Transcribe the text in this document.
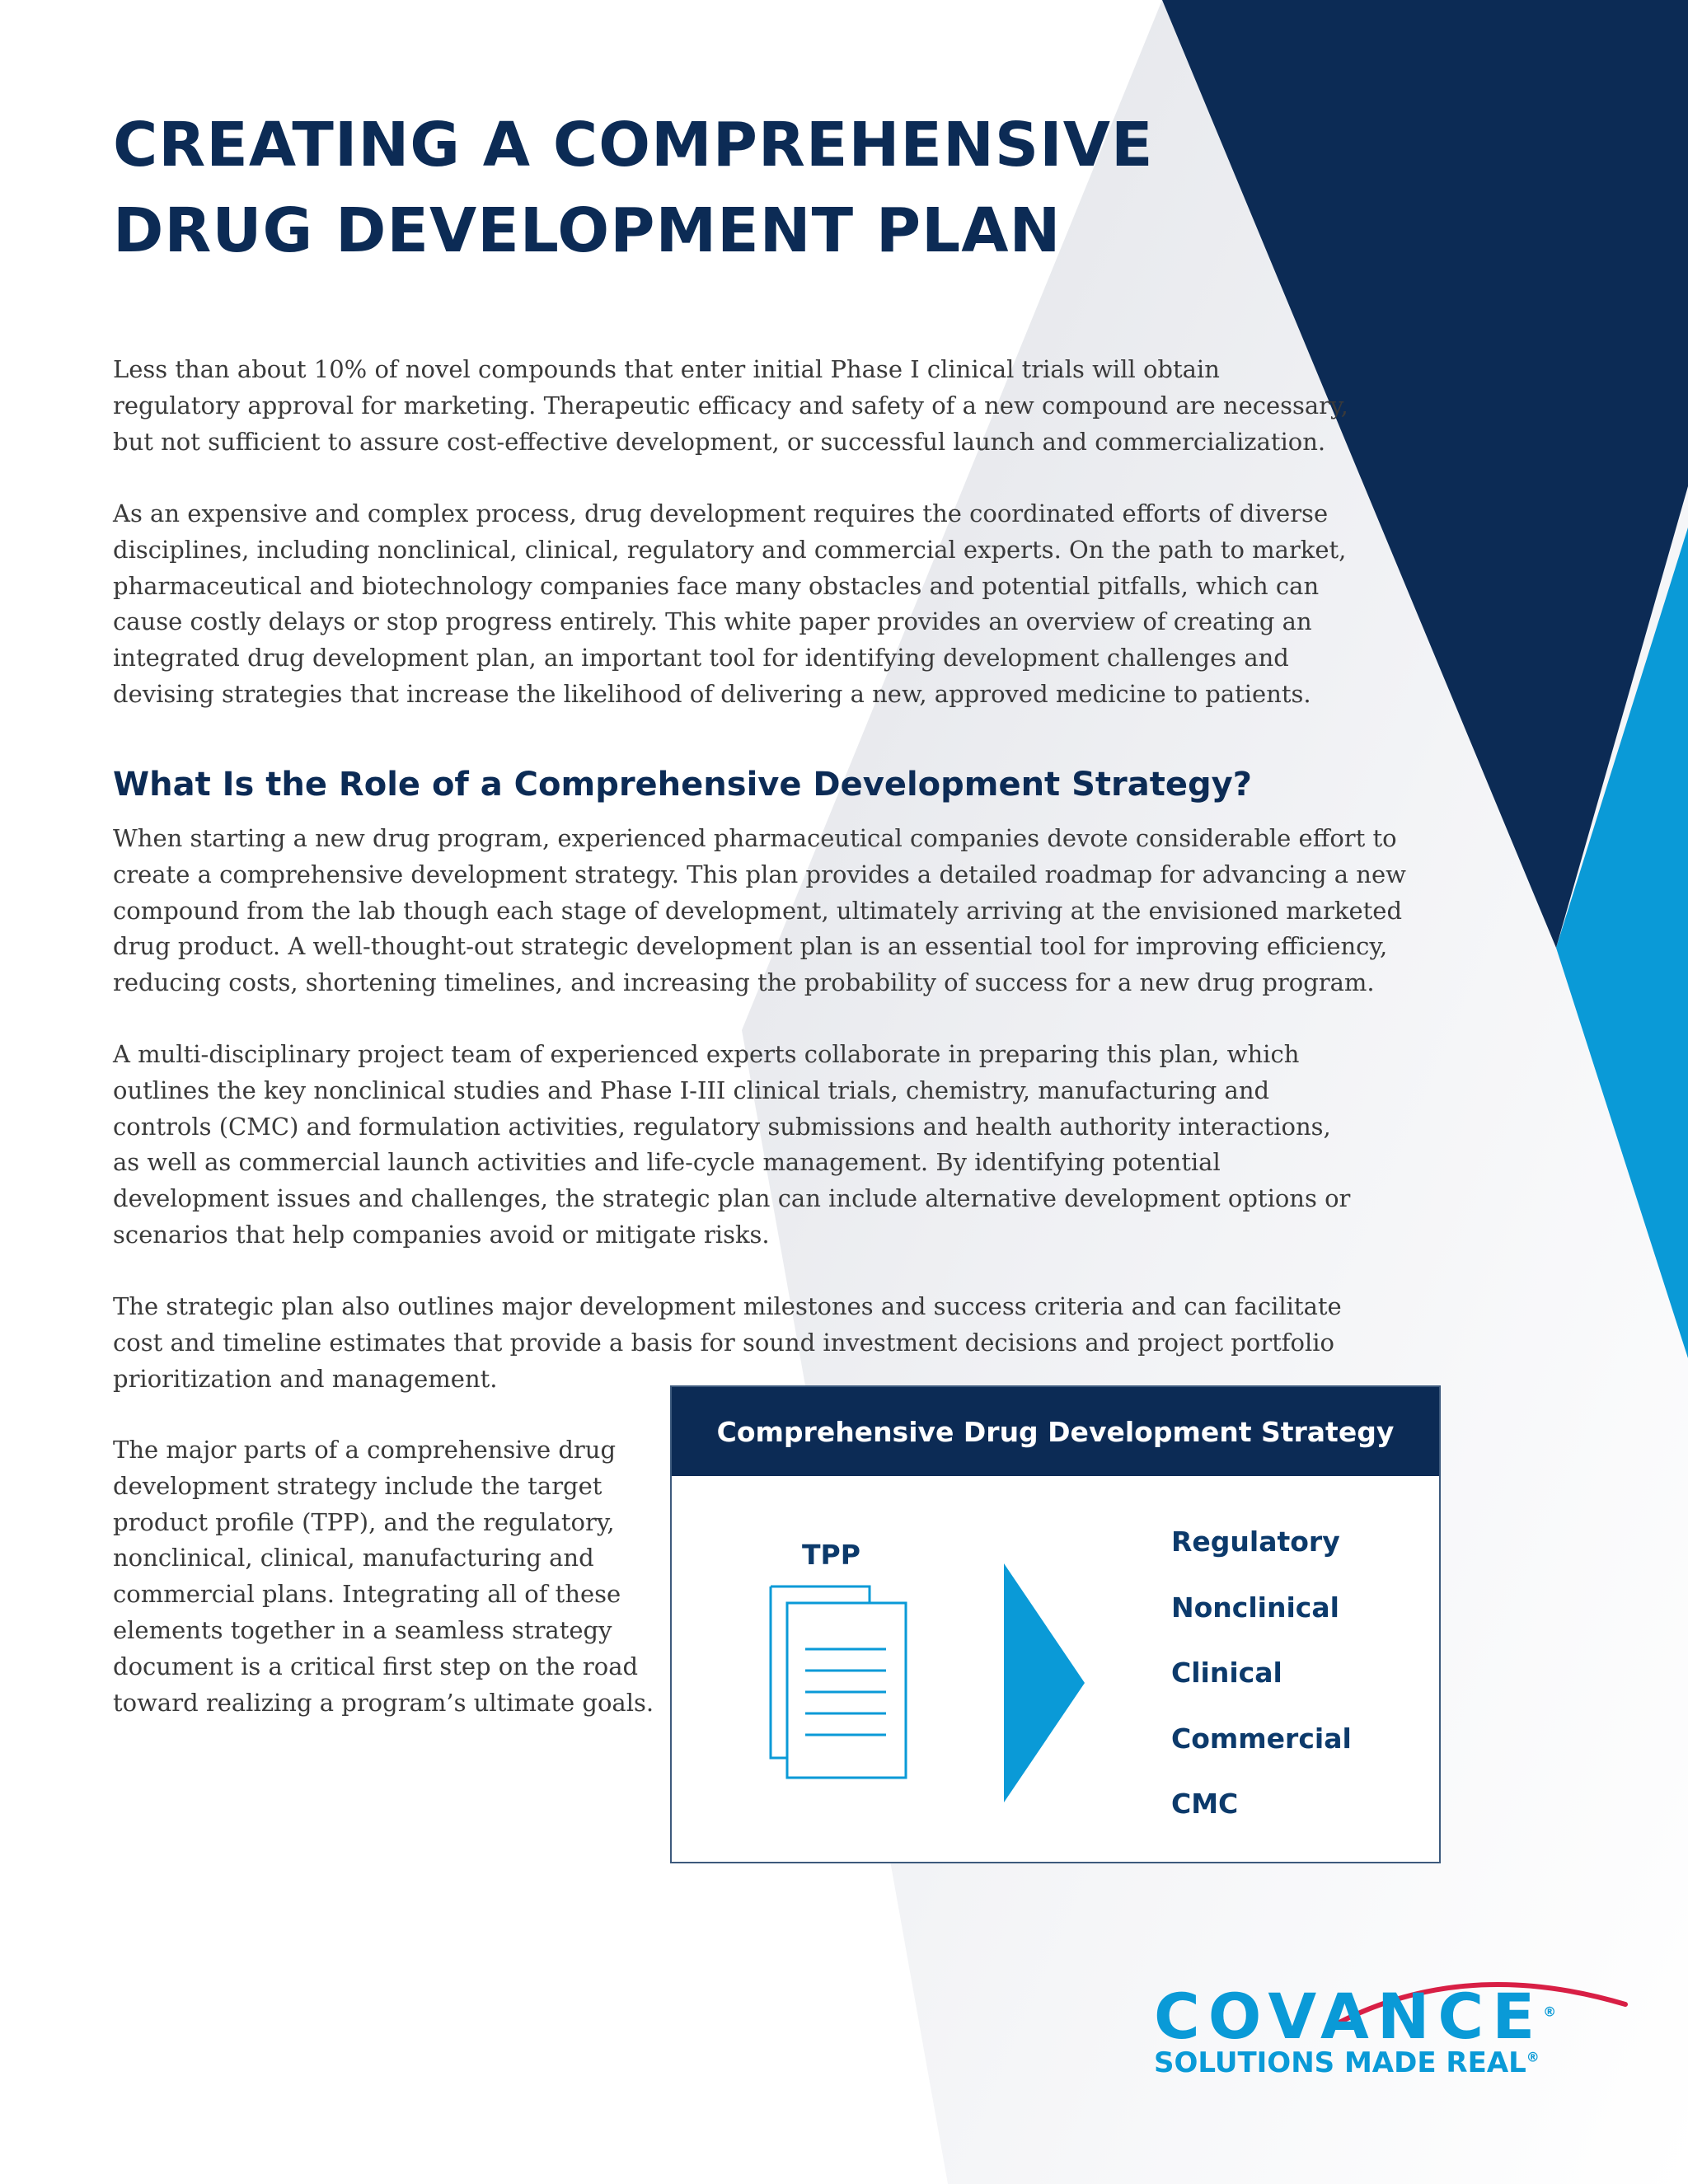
CREATING A COMPREHENSIVE
DRUG DEVELOPMENT PLAN

Less than about 10% of novel compounds that enter initial Phase I clinical trials will obtain
regulatory approval for marketing. Therapeutic efficacy and safety of a new compound are necessary,
but not sufficient to assure cost-effective development, or successful launch and commercialization.

As an expensive and complex process, drug development requires the coordinated efforts of diverse
disciplines, including nonclinical, clinical, regulatory and commercial experts. On the path to market,
pharmaceutical and biotechnology companies face many obstacles and potential pitfalls, which can
cause costly delays or stop progress entirely. This white paper provides an overview of creating an
integrated drug development plan, an important tool for identifying development challenges and
devising strategies that increase the likelihood of delivering a new, approved medicine to patients.

What Is the Role of a Comprehensive Development Strategy?

When starting a new drug program, experienced pharmaceutical companies devote considerable effort to
create a comprehensive development strategy. This plan provides a detailed roadmap for advancing a new
compound from the lab though each stage of development, ultimately arriving at the envisioned marketed
drug product. A well-thought-out strategic development plan is an essential tool for improving efficiency,
reducing costs, shortening timelines, and increasing the probability of success for a new drug program.

A multi-disciplinary project team of experienced experts collaborate in preparing this plan, which
outlines the key nonclinical studies and Phase I-III clinical trials, chemistry, manufacturing and
controls (CMC) and formulation activities, regulatory submissions and health authority interactions,
as well as commercial launch activities and life-cycle management. By identifying potential
development issues and challenges, the strategic plan can include alternative development options or
scenarios that help companies avoid or mitigate risks.

The strategic plan also outlines major development milestones and success criteria and can facilitate
cost and timeline estimates that provide a basis for sound investment decisions and project portfolio
prioritization and management.

The major parts of a comprehensive drug
development strategy include the target
product profile (TPP), and the regulatory,
nonclinical, clinical, manufacturing and
commercial plans. Integrating all of these
elements together in a seamless strategy
document is a critical first step on the road
toward realizing a program’s ultimate goals.

Comprehensive Drug Development Strategy
TPP	Regulatory
Nonclinical
Clinical
Commercial
CMC
COVANCE®
SOLUTIONS MADE REAL®
